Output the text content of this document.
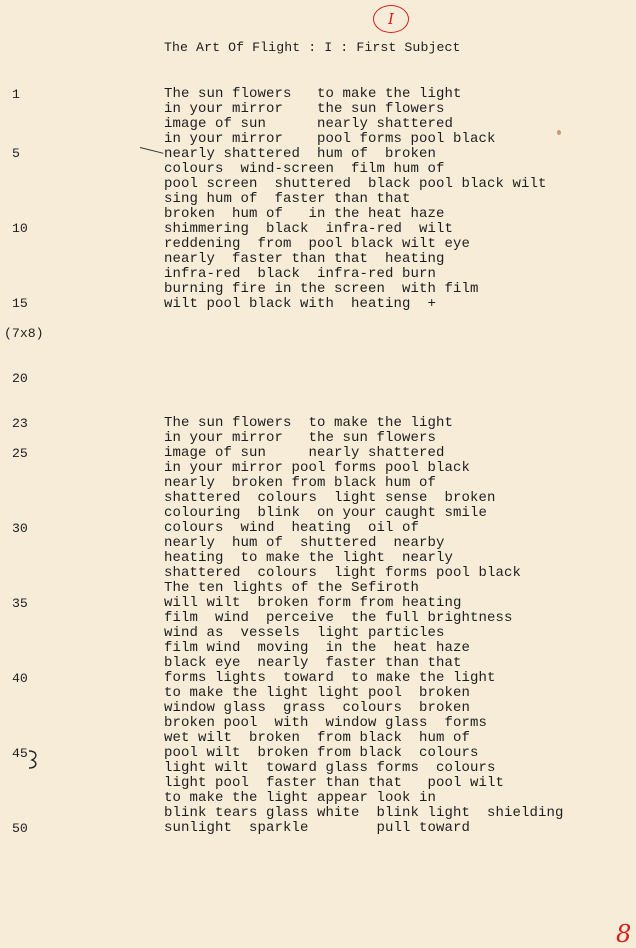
I
The Art Of Flight : I : First Subject
1
5
10
15
(7x8)
20
23
25
30
35
40
45
50
The sun flowers   to make the light
in your mirror    the sun flowers
image of sun      nearly shattered
in your mirror    pool forms pool black
nearly shattered  hum of  broken
colours  wind-screen  film hum of
pool screen  shuttered  black pool black wilt
sing hum of  faster than that
broken  hum of   in the heat haze
shimmering  black  infra-red  wilt
reddening  from  pool black wilt eye
nearly  faster than that  heating
infra-red  black  infra-red burn
burning fire in the screen  with film
wilt pool black with  heating  +
The sun flowers  to make the light
in your mirror   the sun flowers
image of sun     nearly shattered
in your mirror pool forms pool black
nearly  broken from black hum of
shattered  colours  light sense  broken
colouring  blink  on your caught smile
colours  wind  heating  oil of
nearly  hum of  shuttered  nearby
heating  to make the light  nearly
shattered  colours  light forms pool black
The ten lights of the Sefiroth
will wilt  broken form from heating
film  wind  perceive  the full brightness
wind as  vessels  light particles
film wind  moving  in the  heat haze
black eye  nearly  faster than that
forms lights  toward  to make the light
to make the light light pool  broken
window glass  grass  colours  broken
broken pool  with  window glass  forms
wet wilt  broken  from black  hum of
pool wilt  broken from black  colours
light wilt  toward glass forms  colours
light pool  faster than that   pool wilt
to make the light appear look in
blink tears glass white  blink light  shielding
sunlight  sparkle        pull toward
8
